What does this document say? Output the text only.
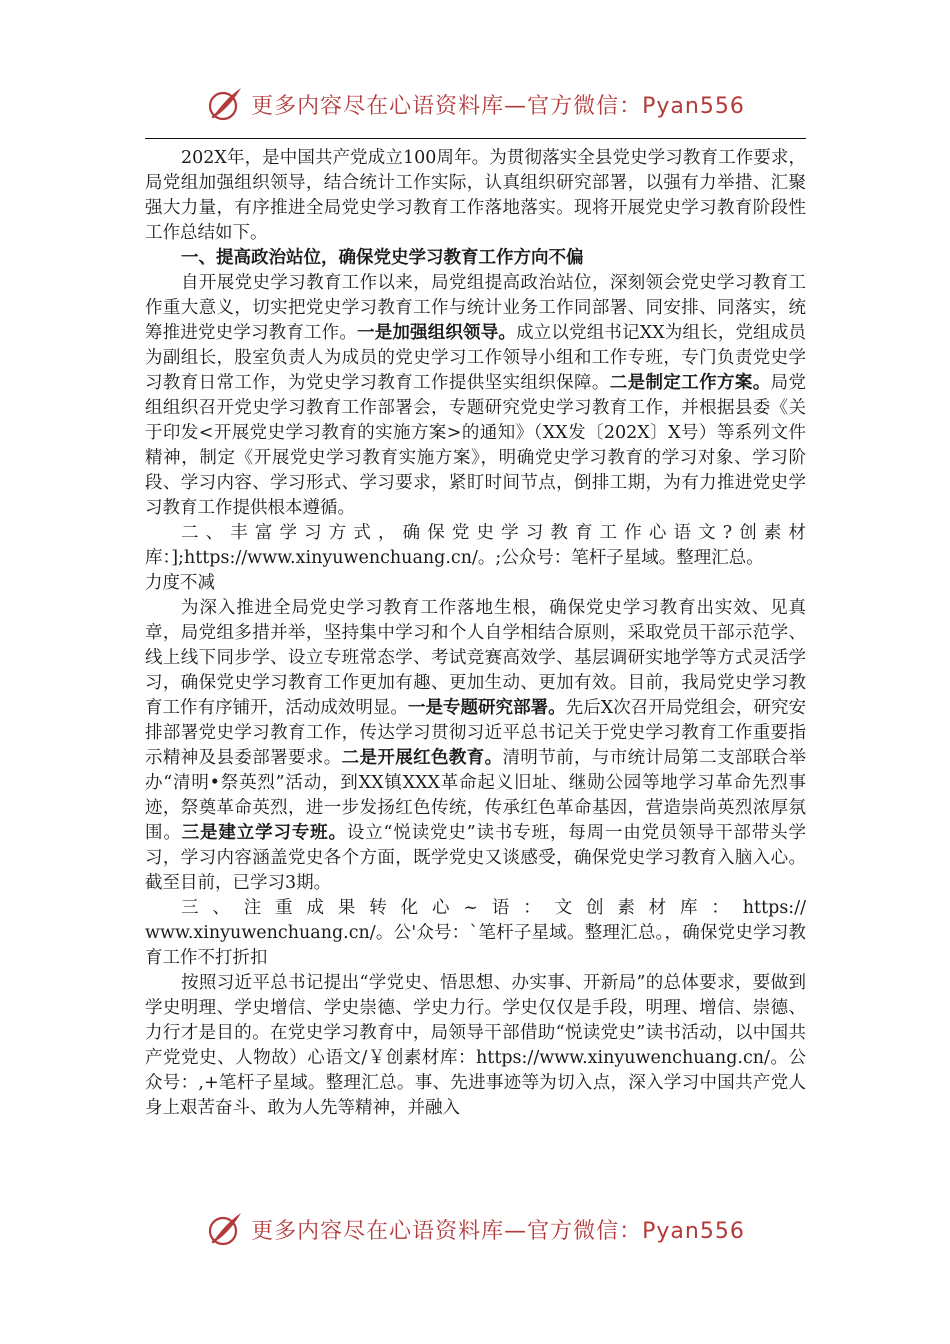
更多内容尽在心语资料库—官方微信：Pyan556

202X年，是中国共产党成立100周年。为贯彻落实全县党史学习教育工作要求，局党组加强组织领导，结合统计工作实际，认真组织研究部署，以强有力举措、汇聚强大力量，有序推进全局党史学习教育工作落地落实。现将开展党史学习教育阶段性工作总结如下。

一、提高政治站位，确保党史学习教育工作方向不偏

自开展党史学习教育工作以来，局党组提高政治站位，深刻领会党史学习教育工作重大意义，切实把党史学习教育工作与统计业务工作同部署、同安排、同落实，统筹推进党史学习教育工作。一是加强组织领导。成立以党组书记XX为组长，党组成员为副组长，股室负责人为成员的党史学习工作领导小组和工作专班，专门负责党史学习教育日常工作，为党史学习教育工作提供坚实组织保障。二是制定工作方案。局党组组织召开党史学习教育工作部署会，专题研究党史学习教育工作，并根据县委《关于印发<开展党史学习教育的实施方案>的通知》（XX发〔202X〕X号）等系列文件精神，制定《开展党史学习教育实施方案》，明确党史学习教育的学习对象、学习阶段、学习内容、学习形式、学习要求，紧盯时间节点，倒排工期，为有力推进党史学习教育工作提供根本遵循。

二、丰富学习方式，确保党史学习教育工作心语文?创素材

库：];https://www.xinyuwenchuang.cn/。;公众号：笔杆子星域。整理汇总。

力度不减

为深入推进全局党史学习教育工作落地生根，确保党史学习教育出实效、见真章，局党组多措并举，坚持集中学习和个人自学相结合原则，采取党员干部示范学、线上线下同步学、设立专班常态学、考试竞赛高效学、基层调研实地学等方式灵活学习，确保党史学习教育工作更加有趣、更加生动、更加有效。目前，我局党史学习教育工作有序铺开，活动成效明显。一是专题研究部署。先后X次召开局党组会，研究安排部署党史学习教育工作，传达学习贯彻习近平总书记关于党史学习教育工作重要指示精神及县委部署要求。二是开展红色教育。清明节前，与市统计局第二支部联合举办“清明•祭英烈”活动，到XX镇XXX革命起义旧址、继勋公园等地学习革命先烈事迹，祭奠革命英烈，进一步发扬红色传统，传承红色革命基因，营造崇尚英烈浓厚氛围。三是建立学习专班。设立“悦读党史”读书专班，每周一由党员领导干部带头学习，学习内容涵盖党史各个方面，既学党史又谈感受，确保党史学习教育入脑入心。截至目前，已学习3期。

三、注重成果转化心~语：文创素材库：https://

www.xinyuwenchuang.cn/。公'众号：`笔杆子星域。整理汇总。，确保党史学习教育工作不打折扣

按照习近平总书记提出“学党史、悟思想、办实事、开新局”的总体要求，要做到学史明理、学史增信、学史崇德、学史力行。学史仅仅是手段，明理、增信、崇德、力行才是目的。在党史学习教育中，局领导干部借助“悦读党史”读书活动，以中国共产党党史、人物故）心语文/￥创素材库：https://www.xinyuwenchuang.cn/。公众号：,+笔杆子星域。整理汇总。事、先进事迹等为切入点，深入学习中国共产党人身上艰苦奋斗、敢为人先等精神，并融入

更多内容尽在心语资料库—官方微信：Pyan556
